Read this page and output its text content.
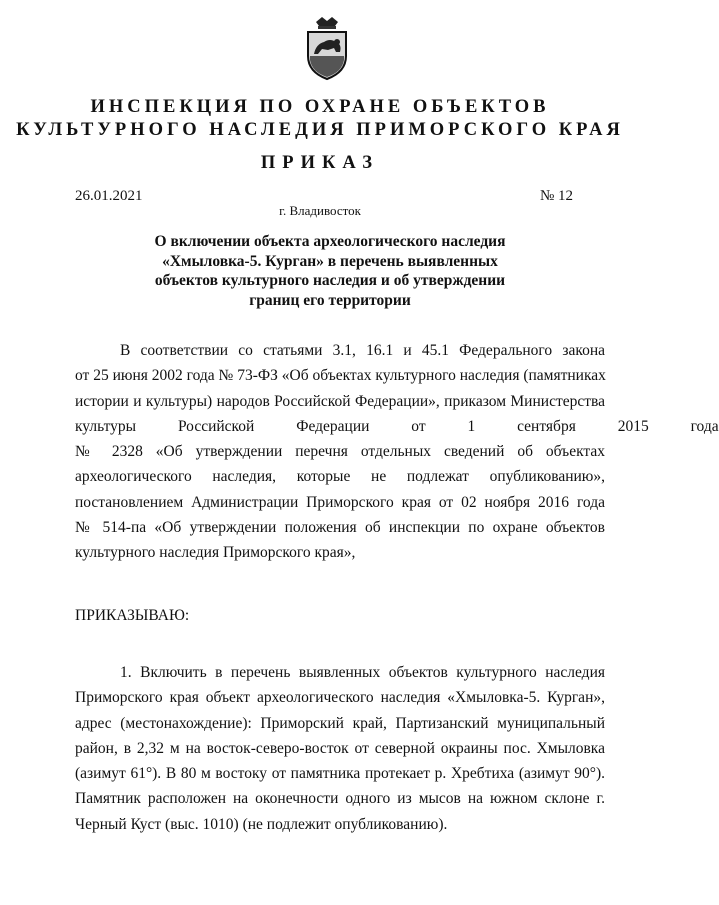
ИНСПЕКЦИЯ ПО ОХРАНЕ ОБЪЕКТОВ
КУЛЬТУРНОГО НАСЛЕДИЯ ПРИМОРСКОГО КРАЯ
ПРИКАЗ
26.01.2021	№ 12
г. Владивосток
О включении объекта археологического наследия
«Хмыловка-5. Курган» в перечень выявленных
объектов культурного наследия и об утверждении
границ его территории
В соответствии со статьями 3.1, 16.1 и 45.1 Федерального закона
от 25 июня 2002 года № 73-ФЗ «Об объектах культурного наследия (памятниках
истории и культуры) народов Российской Федерации», приказом Министерства
культуры Российской Федерации от 1 сентября 2015 года
№ 2328 «Об утверждении перечня отдельных сведений об объектах
археологического наследия, которые не подлежат опубликованию»,
постановлением Администрации Приморского края от 02 ноября 2016 года
№ 514-па «Об утверждении положения об инспекции по охране объектов
культурного наследия Приморского края»,
ПРИКАЗЫВАЮ:
1. Включить в перечень выявленных объектов культурного наследия
Приморского края объект археологического наследия «Хмыловка-5. Курган»,
адрес (местонахождение): Приморский край, Партизанский муниципальный
район, в 2,32 м на восток-северо-восток от северной окраины пос. Хмыловка
(азимут 61°). В 80 м востоку от памятника протекает р. Хребтиха (азимут 90°).
Памятник расположен на оконечности одного из мысов на южном склоне г.
Черный Куст (выс. 1010) (не подлежит опубликованию).
